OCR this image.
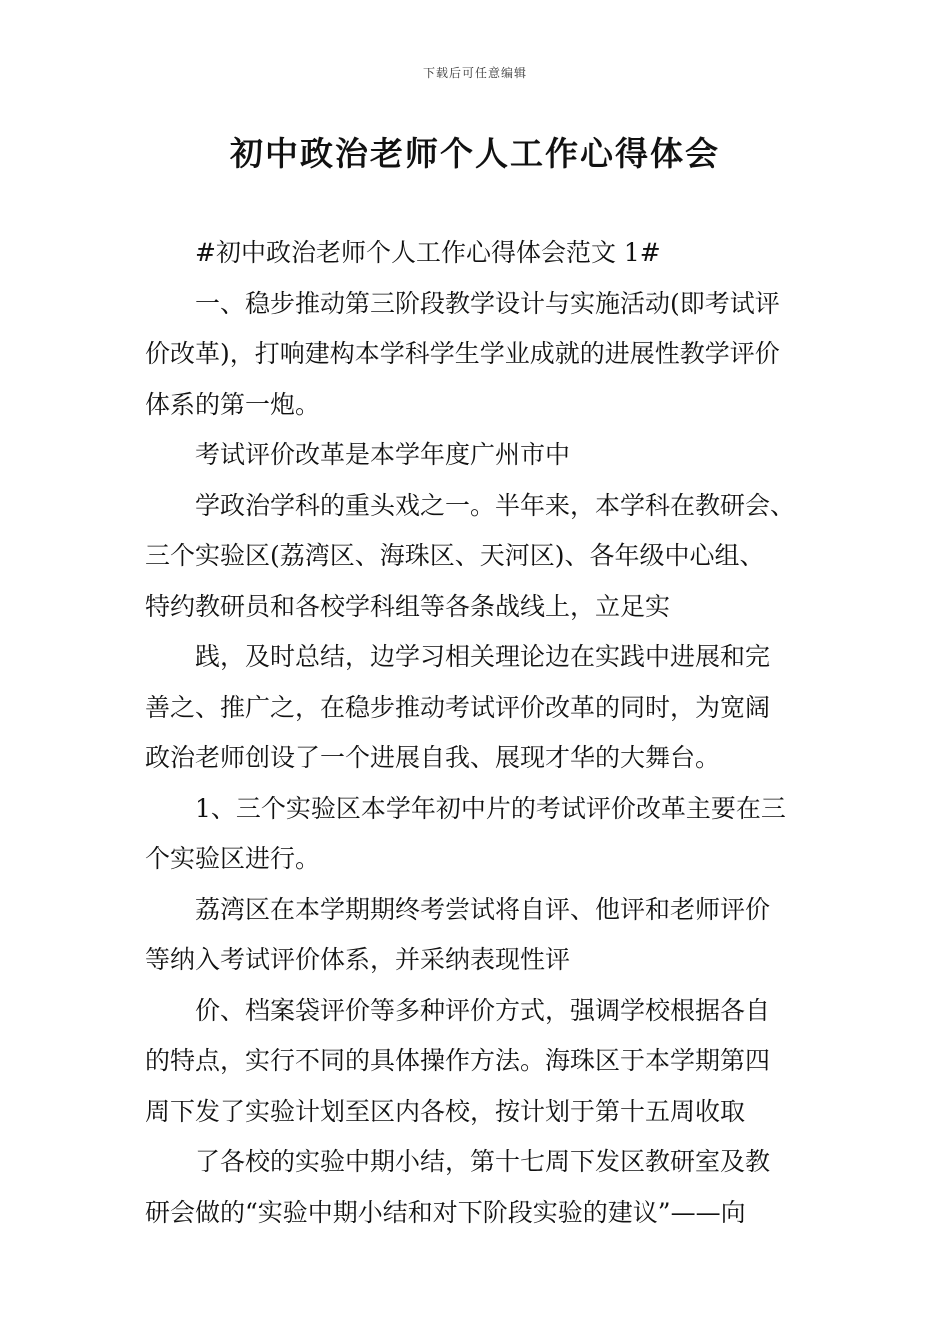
下载后可任意编辑
初中政治老师个人工作心得体会
#初中政治老师个人工作心得体会范文 1#
一、稳步推动第三阶段教学设计与实施活动(即考试评
价改革)，打响建构本学科学生学业成就的进展性教学评价
体系的第一炮。
考试评价改革是本学年度广州市中
学政治学科的重头戏之一。半年来，本学科在教研会、
三个实验区(荔湾区、海珠区、天河区)、各年级中心组、
特约教研员和各校学科组等各条战线上，立足实
践，及时总结，边学习相关理论边在实践中进展和完
善之、推广之，在稳步推动考试评价改革的同时，为宽阔
政治老师创设了一个进展自我、展现才华的大舞台。
1、三个实验区本学年初中片的考试评价改革主要在三
个实验区进行。
荔湾区在本学期期终考尝试将自评、他评和老师评价
等纳入考试评价体系，并采纳表现性评
价、档案袋评价等多种评价方式，强调学校根据各自
的特点，实行不同的具体操作方法。海珠区于本学期第四
周下发了实验计划至区内各校，按计划于第十五周收取
了各校的实验中期小结，第十七周下发区教研室及教
研会做的“实验中期小结和对下阶段实验的建议”——向
